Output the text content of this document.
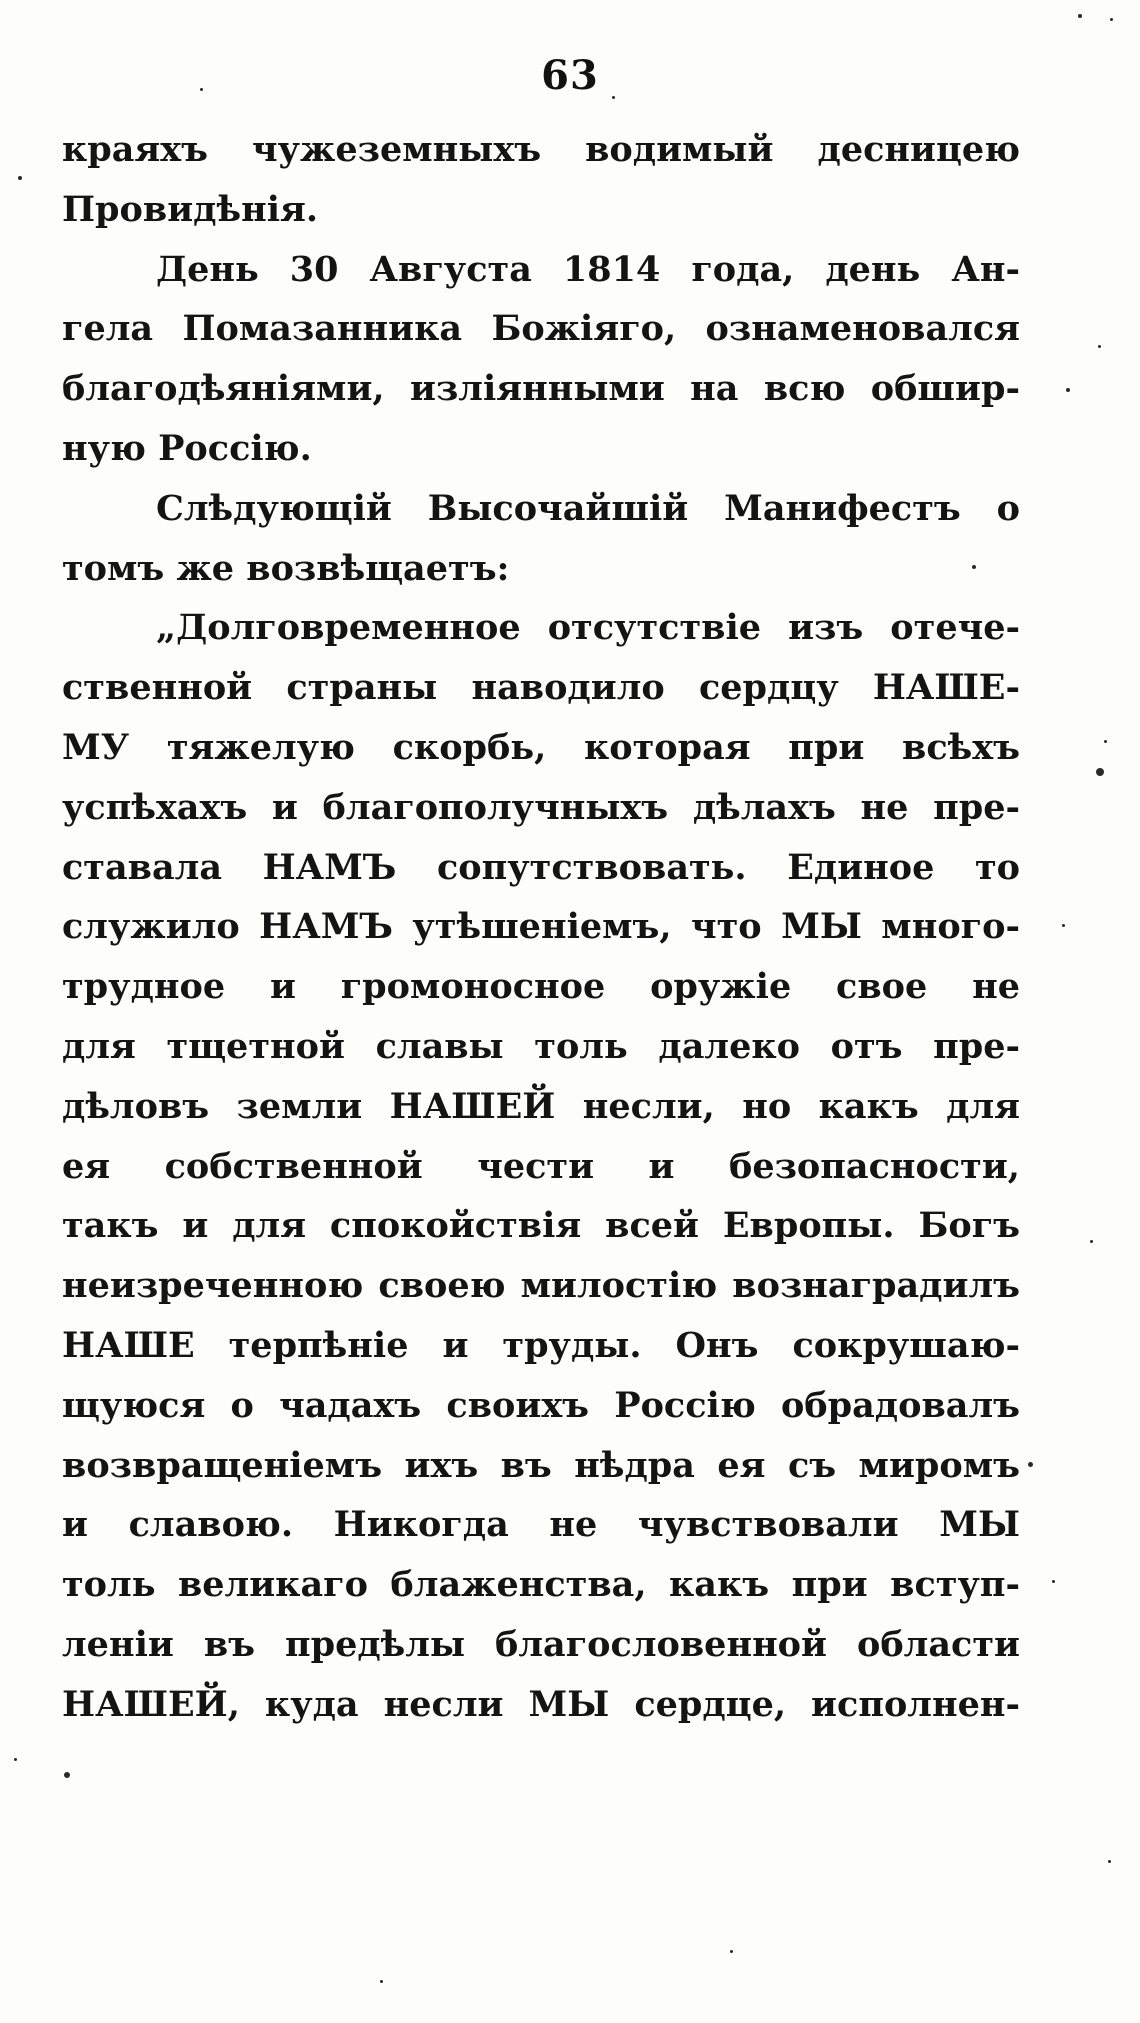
63
краяхъ чужеземныхъ водимый десницею
Провидѣнія.
День 30 Августа 1814 года, день Ан-
гела Помазанника Божіяго, ознаменовался
благодѣяніями, изліянными на всю обшир-
ную Россію.
Слѣдующій Высочайшій Манифестъ о
томъ же возвѣщаетъ:
„Долговременное отсутствіе изъ отече-
ственной страны наводило сердцу НАШЕ-
МУ тяжелую скорбь, которая при всѣхъ
успѣхахъ и благополучныхъ дѣлахъ не пре-
ставала НАМЪ сопутствовать. Единое то
служило НАМЪ утѣшеніемъ, что МЫ много-
трудное и громоносное оружіе свое не
для тщетной славы толь далеко отъ пре-
дѣловъ земли НАШЕЙ несли, но какъ для
ея собственной чести и безопасности,
такъ и для спокойствія всей Европы. Богъ
неизреченною своею милостію вознаградилъ
НАШЕ терпѣніе и труды. Онъ сокрушаю-
щуюся о чадахъ своихъ Россію обрадовалъ
возвращеніемъ ихъ въ нѣдра ея съ миромъ
и славою. Никогда не чувствовали МЫ
толь великаго блаженства, какъ при вступ-
леніи въ предѣлы благословенной области
НАШЕЙ, куда несли МЫ сердце, исполнен-
